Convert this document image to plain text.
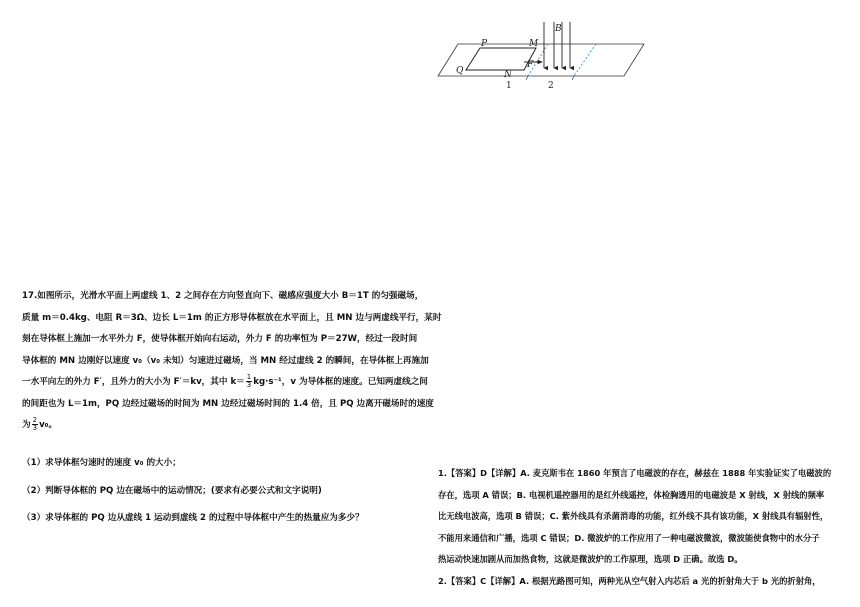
B
P	M
Q	N
F
1	2
17.如图所示，光滑水平面上两虚线 1、2 之间存在方向竖直向下、磁感应强度大小 B＝1T 的匀强磁场，
质量 m＝0.4kg、电阻 R＝3Ω、边长 L＝1m 的正方形导体框放在水平面上，且 MN 边与两虚线平行，某时
刻在导体框上施加一水平外力 F，使导体框开始向右运动，外力 F 的功率恒为 P＝27W，经过一段时间
导体框的 MN 边刚好以速度 v₀（v₀ 未知）匀速进过磁场，当 MN 经过虚线 2 的瞬间，在导体框上再施加
一水平向左的外力 F′，且外力的大小为 F′＝kv，其中 $k= \frac{1}{3} kg\cdot s^{-1}$，v 为导体框的速度。已知两虚线之间
的间距也为 L＝1m，PQ 边经过磁场的时间为 MN 边经过磁场时间的 1.4 倍，且 PQ 边离开磁场时的速度
为 $\frac{2}{3} v_0$。
（1）求导体框匀速时的速度 v₀ 的大小；
（2）判断导体框的 PQ 边在磁场中的运动情况；(要求有必要公式和文字说明)
（3）求导体框的 PQ 边从虚线 1 运动到虚线 2 的过程中导体框中产生的热量应为多少？
1.【答案】D【详解】A. 麦克斯韦在 1860 年预言了电磁波的存在，赫兹在 1888 年实验证实了电磁波的
存在，选项 A 错误；B. 电视机遥控器用的是红外线遥控，体检胸透用的电磁波是 X 射线，X 射线的频率
比无线电波高，选项 B 错误；C. 紫外线具有杀菌消毒的功能，红外线不具有该功能，X 射线具有辐射性，
不能用来通信和广播，选项 C 错误；D. 微波炉的工作应用了一种电磁波微波，微波能使食物中的水分子
热运动快速加剧从而加热食物，这就是微波炉的工作原理，选项 D 正确。故选 D。
2.【答案】C【详解】A. 根据光路图可知，两种光从空气射入内芯后 a 光的折射角大于 b 光的折射角，
